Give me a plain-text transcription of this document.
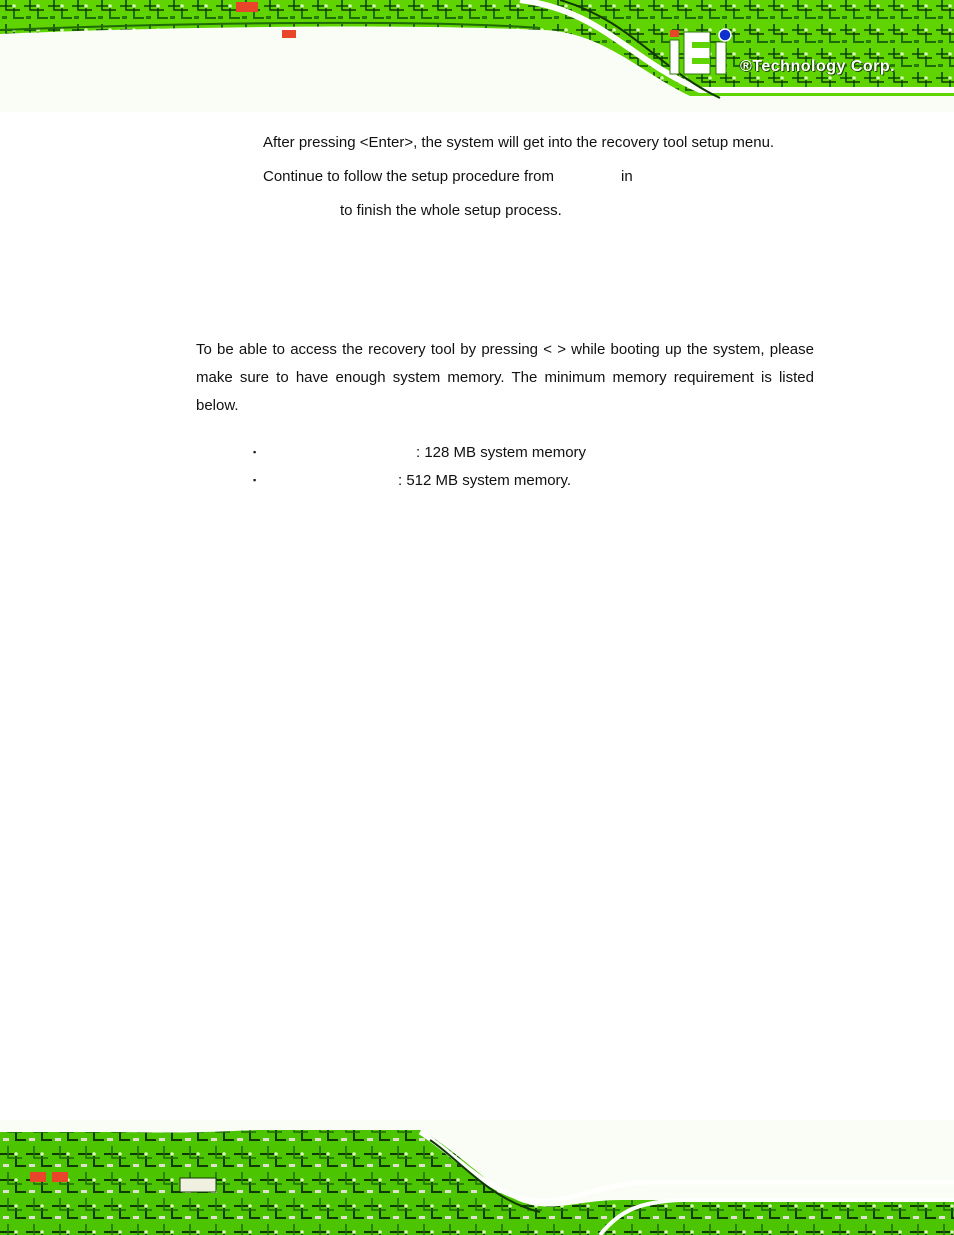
®Technology Corp.
After pressing <Enter>, the system will get into the recovery tool setup menu.
Continue to follow the setup procedure from	in
to finish the whole setup process.
To be able to access the recovery tool by pressing < > while booting up the system, please make sure to have enough system memory. The minimum memory requirement is listed below.
▪	: 128 MB system memory
▪	: 512 MB system memory.
